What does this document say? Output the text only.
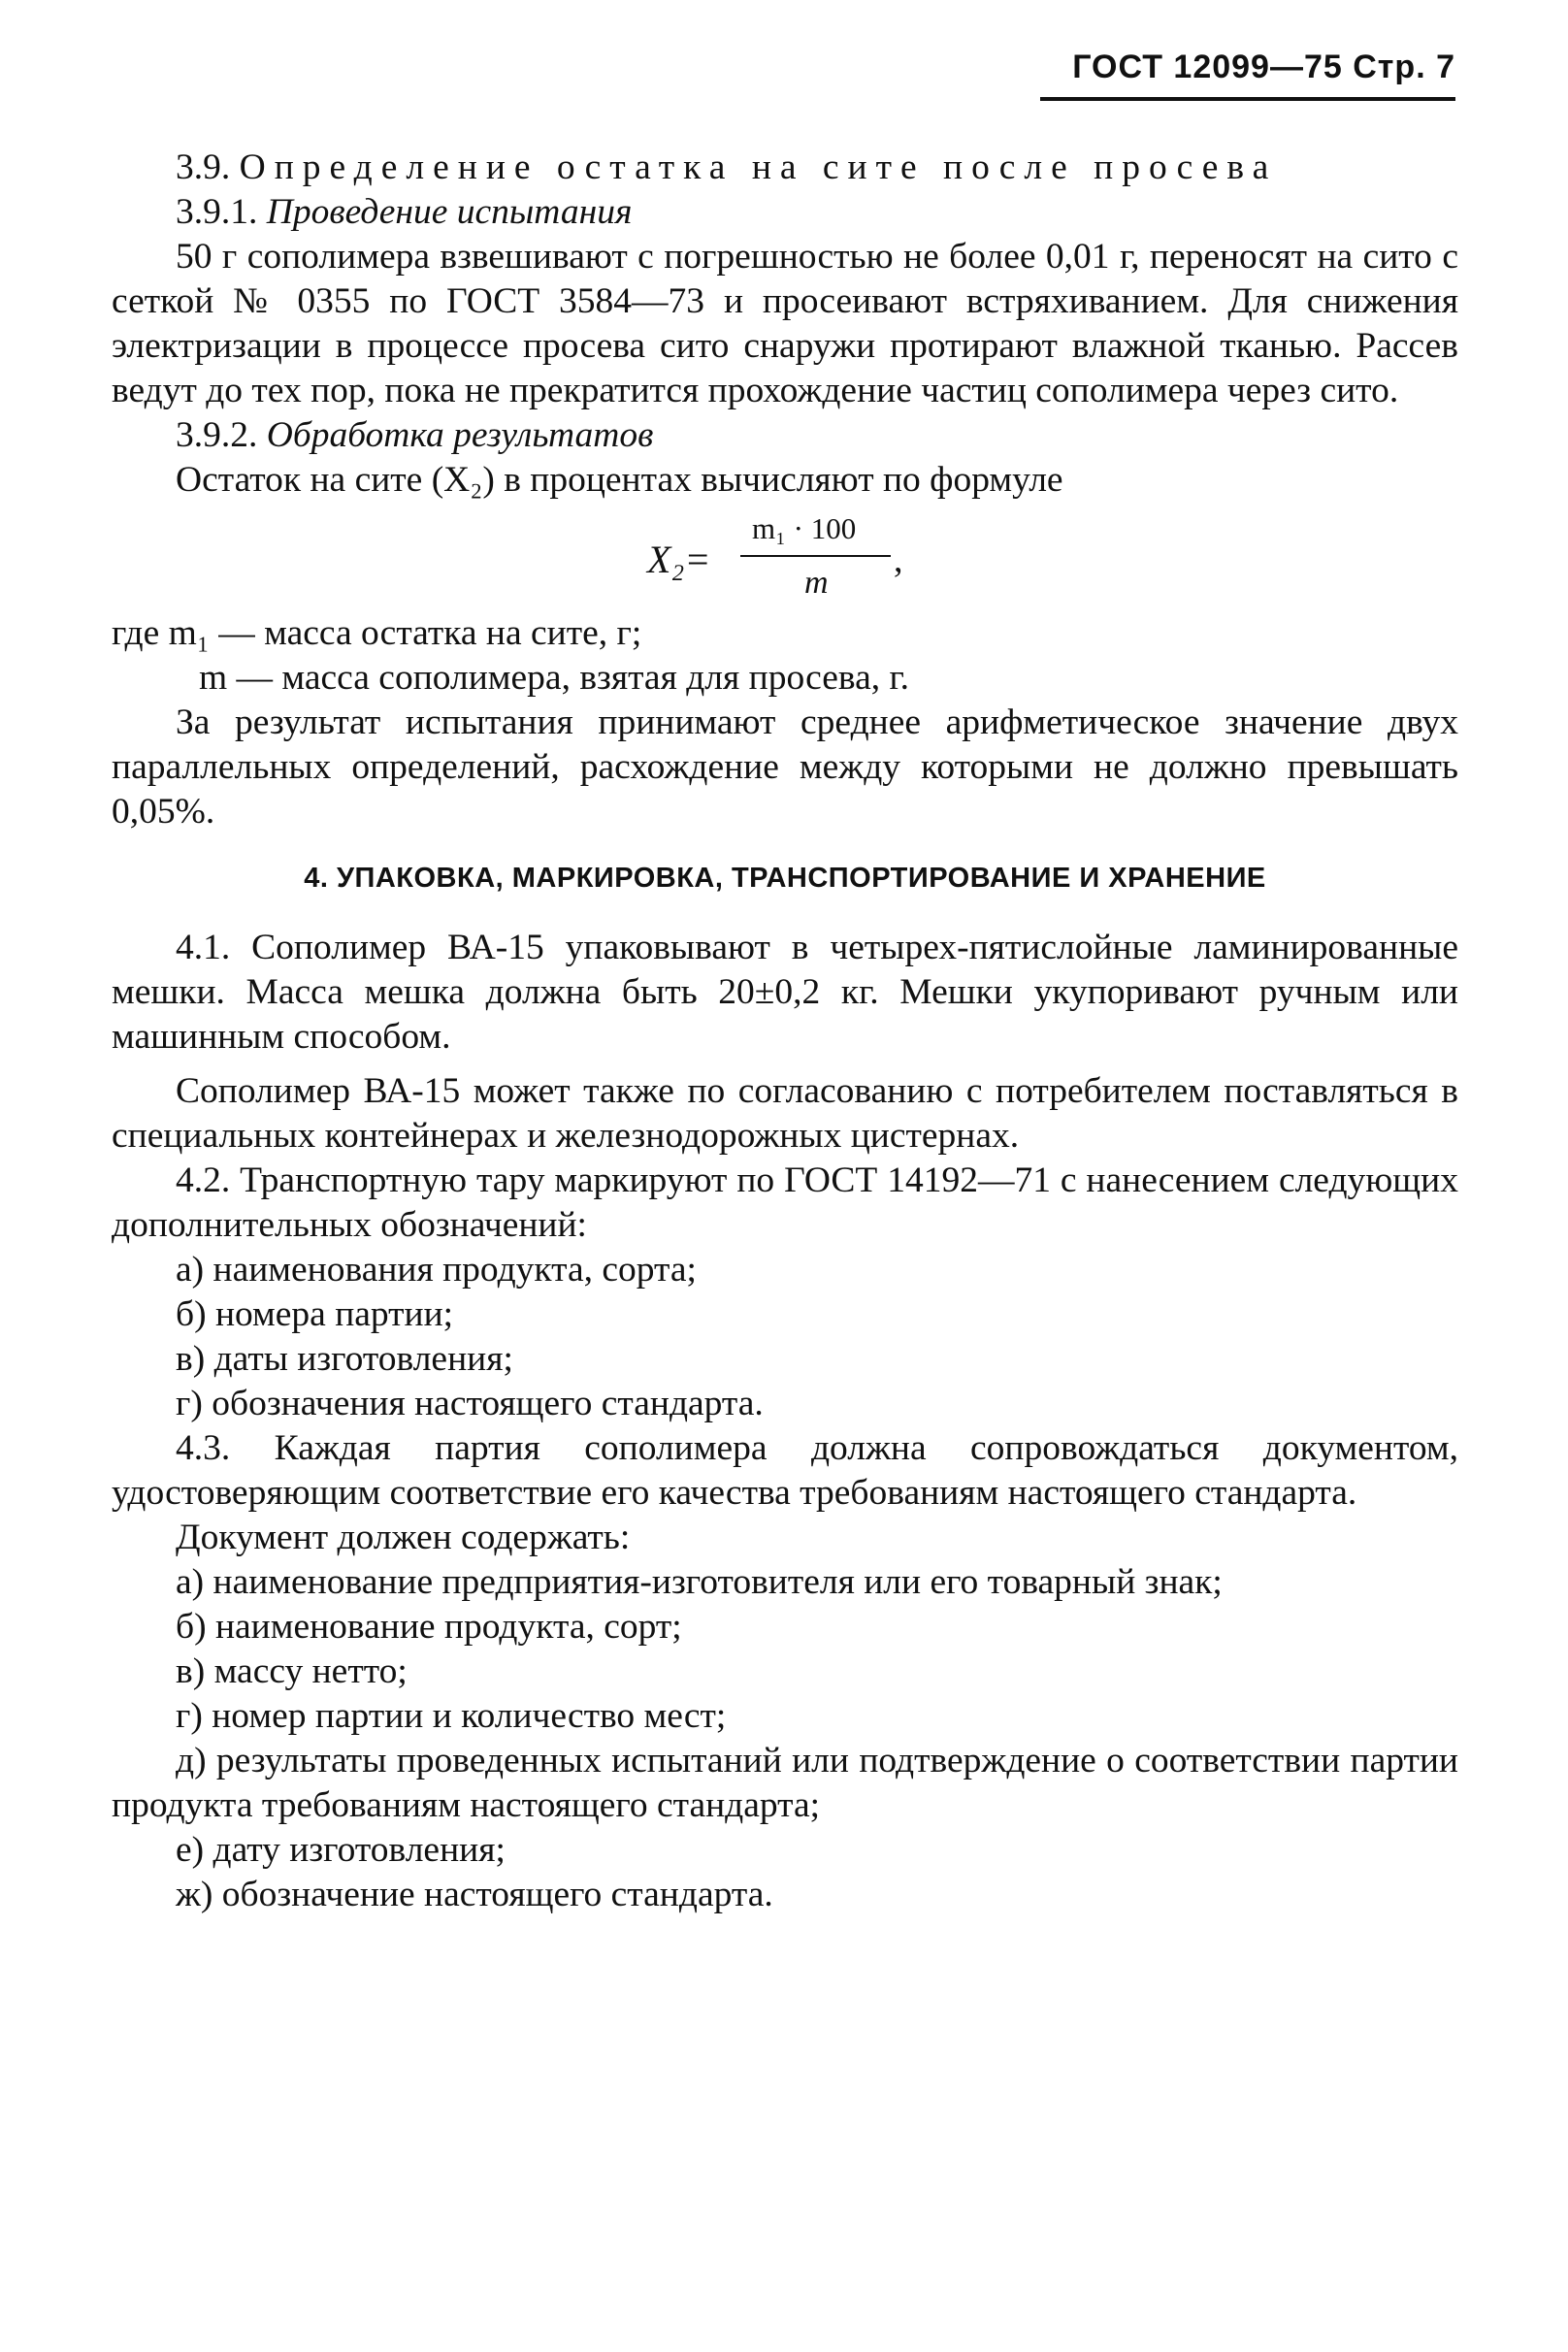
ГОСТ 12099—75 Стр. 7

3.9. Определение остатка на сите после просева

3.9.1. Проведение испытания

50 г сополимера взвешивают с погрешностью не более 0,01 г, переносят на сито с сеткой № 0355 по ГОСТ 3584—73 и просеивают встряхиванием. Для снижения электризации в процессе просева сито снаружи протирают влажной тканью. Рассев ведут до тех пор, пока не прекратится прохождение частиц сополимера через сито.

3.9.2. Обработка результатов

Остаток на сите (X₂) в процентах вычисляют по формуле

X₂=
m₁ · 100
m
,

где m₁ — масса остатка на сите, г;

m — масса сополимера, взятая для просева, г.

За результат испытания принимают среднее арифметическое значение двух параллельных определений, расхождение между которыми не должно превышать 0,05%.

4. УПАКОВКА, МАРКИРОВКА, ТРАНСПОРТИРОВАНИЕ И ХРАНЕНИЕ

4.1. Сополимер ВА-15 упаковывают в четырех-пятислойные ламинированные мешки. Масса мешка должна быть 20±0,2 кг. Мешки укупоривают ручным или машинным способом.

Сополимер ВА-15 может также по согласованию с потребителем поставляться в специальных контейнерах и железнодорожных цистернах.

4.2. Транспортную тару маркируют по ГОСТ 14192—71 с нанесением следующих дополнительных обозначений:

а) наименования продукта, сорта;

б) номера партии;

в) даты изготовления;

г) обозначения настоящего стандарта.

4.3. Каждая партия сополимера должна сопровождаться документом, удостоверяющим соответствие его качества требованиям настоящего стандарта.

Документ должен содержать:

а) наименование предприятия-изготовителя или его товарный знак;

б) наименование продукта, сорт;

в) массу нетто;

г) номер партии и количество мест;

д) результаты проведенных испытаний или подтверждение о соответствии партии продукта требованиям настоящего стандарта;

е) дату изготовления;

ж) обозначение настоящего стандарта.
